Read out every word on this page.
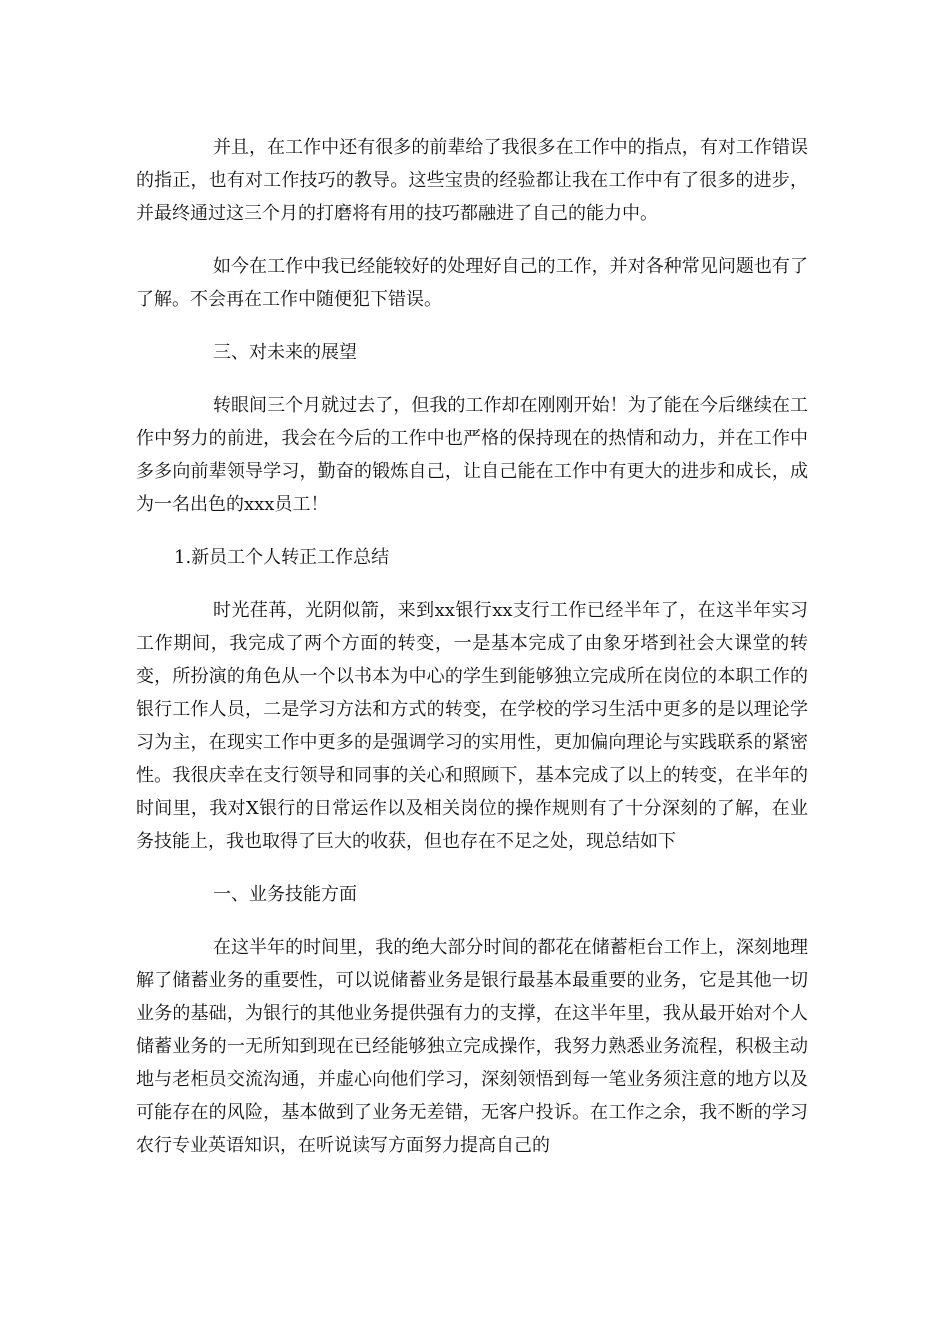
并且，在工作中还有很多的前辈给了我很多在工作中的指点，有对工作错误的指正，也有对工作技巧的教导。这些宝贵的经验都让我在工作中有了很多的进步，并最终通过这三个月的打磨将有用的技巧都融进了自己的能力中。

如今在工作中我已经能较好的处理好自己的工作，并对各种常见问题也有了了解。不会再在工作中随便犯下错误。

三、对未来的展望

转眼间三个月就过去了，但我的工作却在刚刚开始！为了能在今后继续在工作中努力的前进，我会在今后的工作中也严格的保持现在的热情和动力，并在工作中多多向前辈领导学习，勤奋的锻炼自己，让自己能在工作中有更大的进步和成长，成为一名出色的xxx员工！

1.新员工个人转正工作总结

时光荏苒，光阴似箭，来到xx银行xx支行工作已经半年了，在这半年实习工作期间，我完成了两个方面的转变，一是基本完成了由象牙塔到社会大课堂的转变，所扮演的角色从一个以书本为中心的学生到能够独立完成所在岗位的本职工作的银行工作人员，二是学习方法和方式的转变，在学校的学习生活中更多的是以理论学习为主，在现实工作中更多的是强调学习的实用性，更加偏向理论与实践联系的紧密性。我很庆幸在支行领导和同事的关心和照顾下，基本完成了以上的转变，在半年的时间里，我对X银行的日常运作以及相关岗位的操作规则有了十分深刻的了解，在业务技能上，我也取得了巨大的收获，但也存在不足之处，现总结如下

一、业务技能方面

在这半年的时间里，我的绝大部分时间的都花在储蓄柜台工作上，深刻地理解了储蓄业务的重要性，可以说储蓄业务是银行最基本最重要的业务，它是其他一切业务的基础，为银行的其他业务提供强有力的支撑，在这半年里，我从最开始对个人储蓄业务的一无所知到现在已经能够独立完成操作，我努力熟悉业务流程，积极主动地与老柜员交流沟通，并虚心向他们学习，深刻领悟到每一笔业务须注意的地方以及可能存在的风险，基本做到了业务无差错，无客户投诉。在工作之余，我不断的学习农行专业英语知识，在听说读写方面努力提高自己的
